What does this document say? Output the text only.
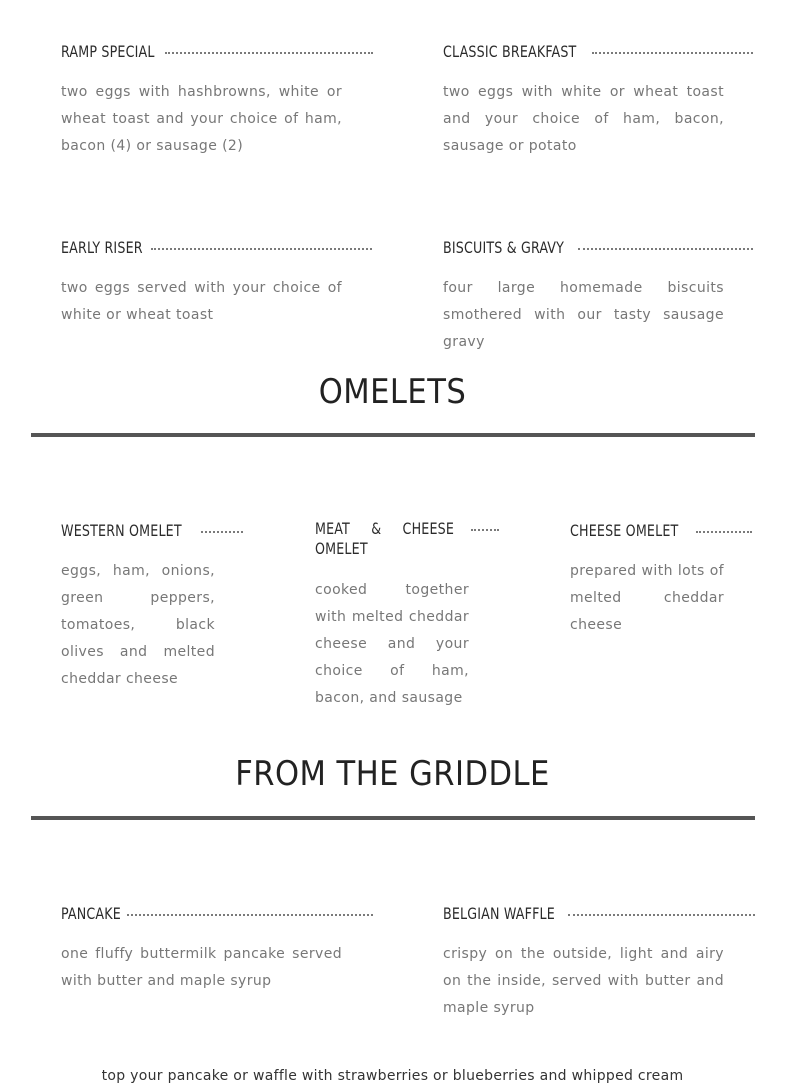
RAMP SPECIAL
two eggs with hashbrowns, white or wheat toast and your choice of ham, bacon (4) or sausage (2)
CLASSIC BREAKFAST
two eggs with white or wheat toast and your choice of ham, bacon, sausage or potato
EARLY RISER
two eggs served with your choice of white or wheat toast
BISCUITS & GRAVY
four large homemade biscuits smothered with our tasty sausage gravy
OMELETS
WESTERN OMELET
eggs, ham, onions, green peppers, tomatoes, black olives and melted cheddar cheese
MEAT & CHEESE OMELET
cooked together with melted cheddar cheese and your choice of ham, bacon, and sausage
CHEESE OMELET
prepared with lots of melted cheddar cheese
FROM THE GRIDDLE
PANCAKE
one fluffy buttermilk pancake served with butter and maple syrup
BELGIAN WAFFLE
crispy on the outside, light and airy on the inside, served with butter and maple syrup
top your pancake or waffle with strawberries or blueberries and whipped cream
